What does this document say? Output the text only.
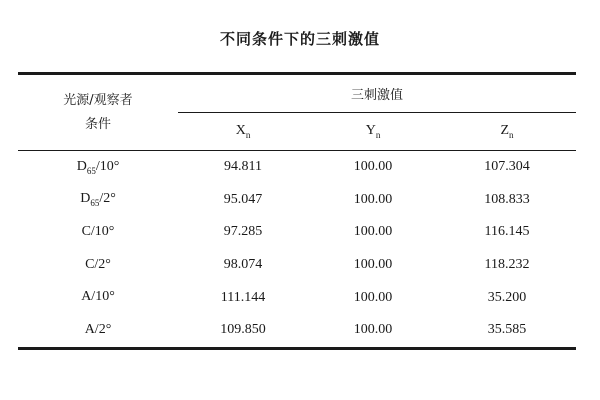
不同条件下的三刺激值
光源/观察者
条件	三刺激值		
	$X_n$	$Y_n$	$Z_n$
$D_{65}/10^\circ$	94.811	100.00	107.304
$D_{65}/2^\circ$	95.047	100.00	108.833
C/10°	97.285	100.00	116.145
C/2°	98.074	100.00	118.232
A/10°	111.144	100.00	35.200
A/2°	109.850	100.00	35.585
